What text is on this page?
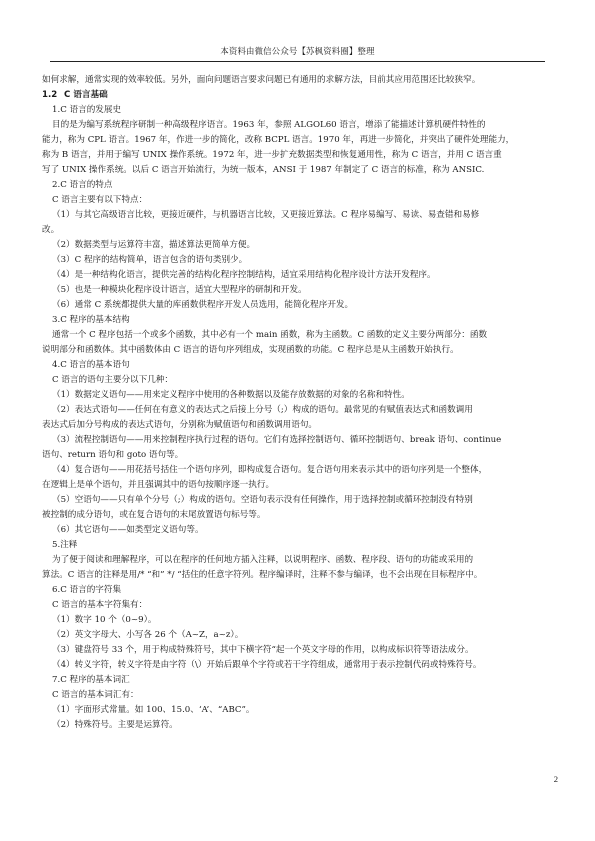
本资料由微信公众号【苏枫资料圈】整理

如何求解，通常实现的效率较低。另外，面向问题语言要求问题已有通用的求解方法，目前其应用范围还比较狭窄。

1.2 C 语言基础

1.C 语言的发展史

目的是为编写系统程序研制一种高级程序语言。1963 年，参照 ALGOL60 语言，增添了能描述计算机硬件特性的

能力，称为 CPL 语言。1967 年，作进一步的简化，改称 BCPL 语言。1970 年，再进一步简化，并突出了硬件处理能力，

称为 B 语言，并用于编写 UNIX 操作系统。1972 年，进一步扩充数据类型和恢复通用性，称为 C 语言，并用 C 语言重

写了 UNIX 操作系统。以后 C 语言开始流行，为统一版本，ANSI 于 1987 年制定了 C 语言的标准，称为 ANSIC.

2.C 语言的特点

C 语言主要有以下特点：

（1）与其它高级语言比较，更接近硬件，与机器语言比较，又更接近算法。C 程序易编写、易读、易查错和易修

改。

（2）数据类型与运算符丰富，描述算法更简单方便。

（3）C 程序的结构简单，语言包含的语句类别少。

（4）是一种结构化语言，提供完善的结构化程序控制结构，适宜采用结构化程序设计方法开发程序。

（5）也是一种模块化程序设计语言，适宜大型程序的研制和开发。

（6）通常 C 系统都提供大量的库函数供程序开发人员选用，能简化程序开发。

3.C 程序的基本结构

通常一个 C 程序包括一个或多个函数，其中必有一个 main 函数，称为主函数。C 函数的定义主要分两部分：函数

说明部分和函数体。其中函数体由 C 语言的语句序列组成，实现函数的功能。C 程序总是从主函数开始执行。

4.C 语言的基本语句

C 语言的语句主要分以下几种：

（1）数据定义语句——用来定义程序中使用的各种数据以及能存放数据的对象的名称和特性。

（2）表达式语句——任何在有意义的表达式之后接上分号（;）构成的语句。最常见的有赋值表达式和函数调用

表达式后加分号构成的表达式语句，分别称为赋值语句和函数调用语句。

（3）流程控制语句——用来控制程序执行过程的语句。它们有选择控制语句、循环控制语句、break 语句、continue

语句、return 语句和 goto 语句等。

（4）复合语句——用花括号括住一个语句序列，即构成复合语句。复合语句用来表示其中的语句序列是一个整体，

在逻辑上是单个语句，并且强调其中的语句按顺序逐一执行。

（5）空语句——只有单个分号（;）构成的语句。空语句表示没有任何操作，用于选择控制或循环控制没有特别

被控制的成分语句，或在复合语句的末尾放置语句标号等。

（6）其它语句——如类型定义语句等。

5.注释

为了便于阅读和理解程序，可以在程序的任何地方插入注释，以说明程序、函数、程序段、语句的功能或采用的

算法。C 语言的注释是用/* “和” */ “括住的任意字符列。程序编译时，注释不参与编译，也不会出现在目标程序中。

6.C 语言的字符集

C 语言的基本字符集有：

（1）数字 10 个（0~9）。

（2）英文字母大、小写各 26 个（A~Z，a~z）。

（3）键盘符号 33 个，用于构成特殊符号，其中下横字符“起一个英文字母的作用，以构成标识符等语法成分。

（4）转义字符，转义字符是由字符（\）开始后跟单个字符或若干字符组成，通常用于表示控制代码或特殊符号。

7.C 程序的基本词汇

C 语言的基本词汇有：

（1）字面形式常量。如 100、15.0、‘A’、“ABC”。

（2）特殊符号。主要是运算符。

2
